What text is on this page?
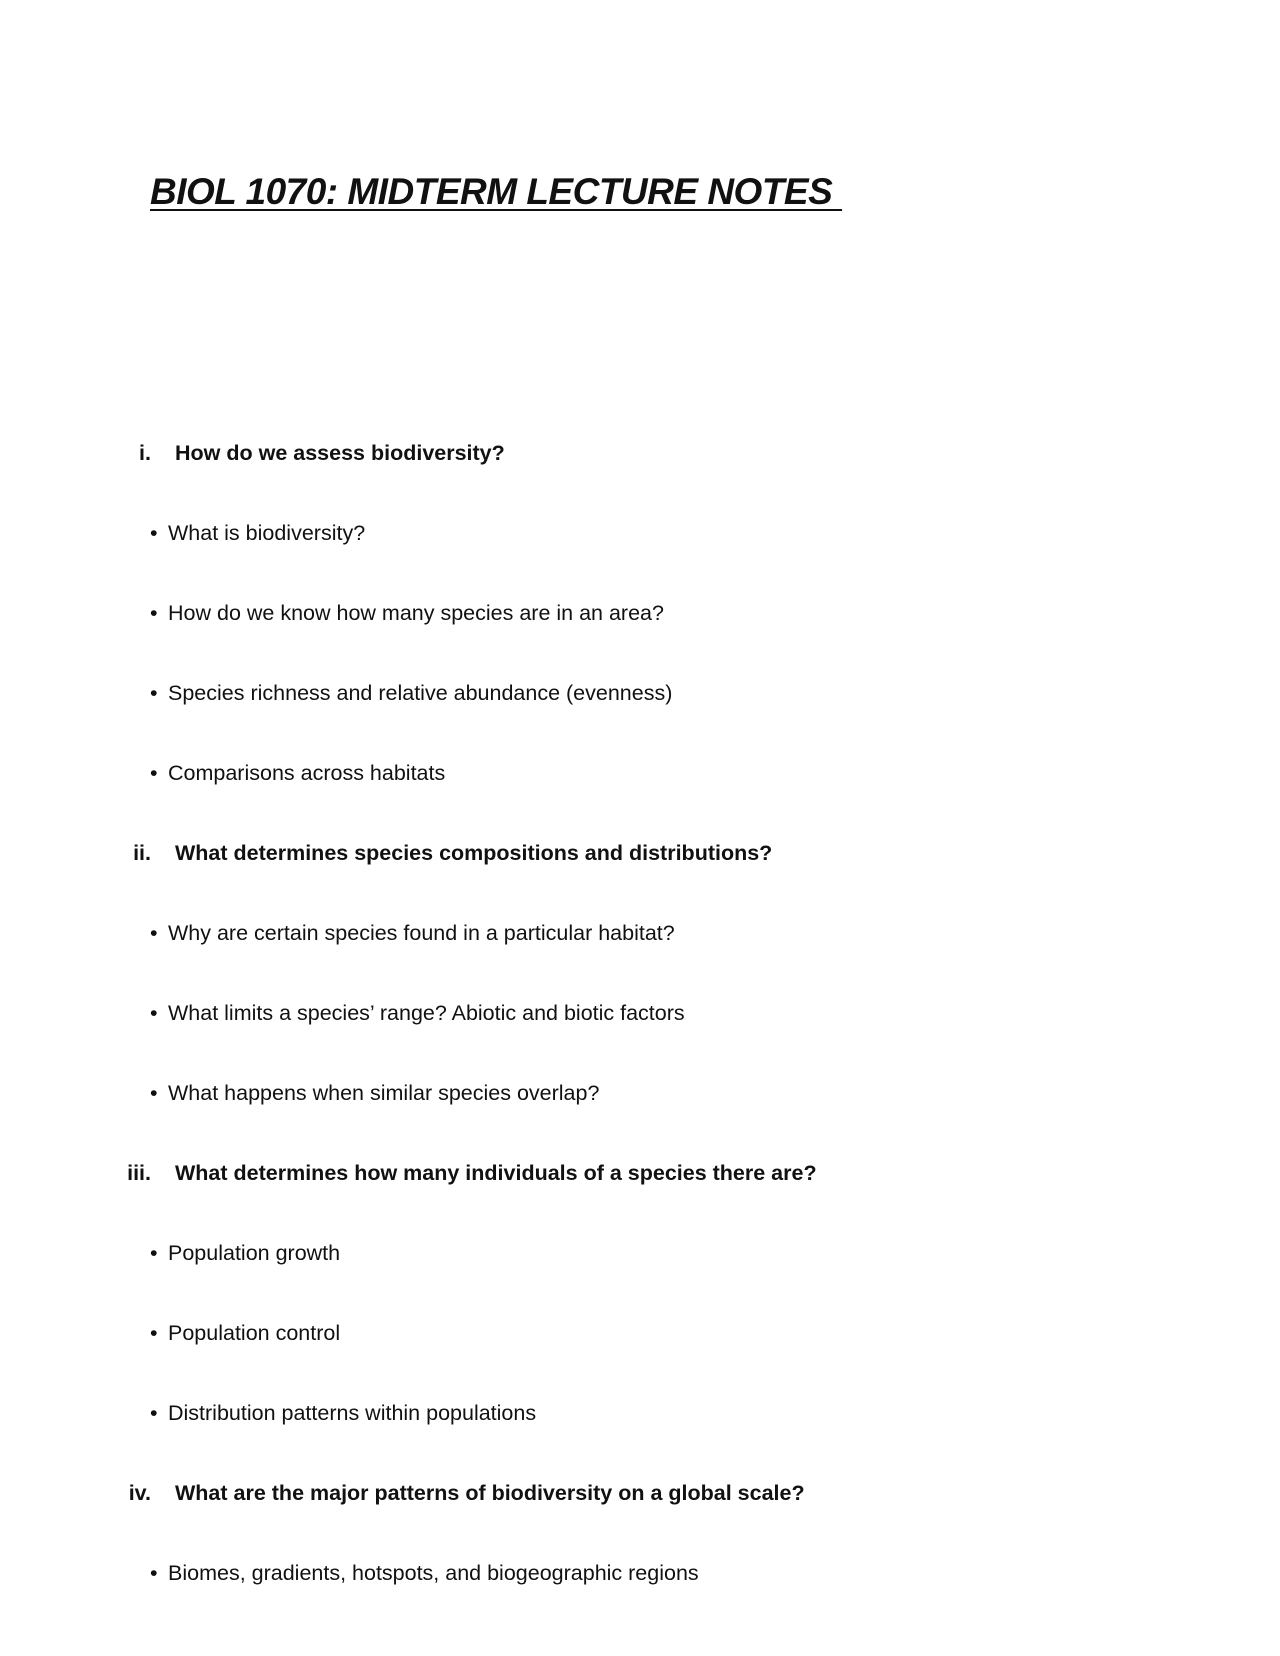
BIOL 1070: MIDTERM LECTURE NOTES
i. How do we assess biodiversity?
• What is biodiversity?
• How do we know how many species are in an area?
• Species richness and relative abundance (evenness)
• Comparisons across habitats
ii. What determines species compositions and distributions?
• Why are certain species found in a particular habitat?
• What limits a species’ range? Abiotic and biotic factors
• What happens when similar species overlap?
iii. What determines how many individuals of a species there are?
• Population growth
• Population control
• Distribution patterns within populations
iv. What are the major patterns of biodiversity on a global scale?
• Biomes, gradients, hotspots, and biogeographic regions
